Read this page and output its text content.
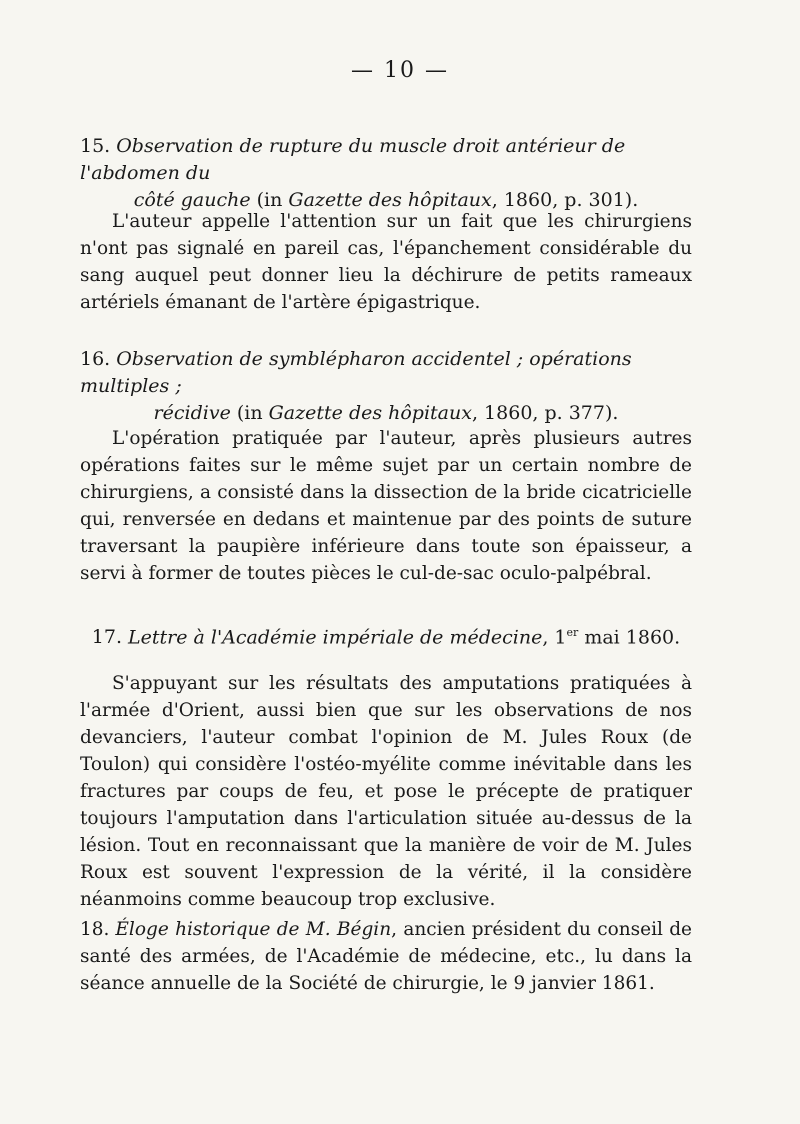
— 10 —
15. Observation de rupture du muscle droit antérieur de l'abdomen du
côté gauche (in Gazette des hôpitaux, 1860, p. 301).
L'auteur appelle l'attention sur un fait que les chirurgiens n'ont pas signalé en pareil cas, l'épanchement considérable du sang auquel peut donner lieu la déchirure de petits rameaux artériels émanant de l'artère épigastrique.
16. Observation de symblépharon accidentel ; opérations multiples ;
récidive (in Gazette des hôpitaux, 1860, p. 377).
L'opération pratiquée par l'auteur, après plusieurs autres opérations faites sur le même sujet par un certain nombre de chirurgiens, a consisté dans la dissection de la bride cicatricielle qui, renversée en dedans et maintenue par des points de suture traversant la paupière inférieure dans toute son épaisseur, a servi à former de toutes pièces le cul-de-sac oculo-palpébral.
17. Lettre à l'Académie impériale de médecine, 1er mai 1860.
S'appuyant sur les résultats des amputations pratiquées à l'armée d'Orient, aussi bien que sur les observations de nos devanciers, l'auteur combat l'opinion de M. Jules Roux (de Toulon) qui considère l'ostéo-myélite comme inévitable dans les fractures par coups de feu, et pose le précepte de pratiquer toujours l'amputation dans l'articulation située au-dessus de la lésion. Tout en reconnaissant que la manière de voir de M. Jules Roux est souvent l'expression de la vérité, il la considère néanmoins comme beaucoup trop exclusive.
18. Éloge historique de M. Bégin, ancien président du conseil de santé des armées, de l'Académie de médecine, etc., lu dans la séance annuelle de la Société de chirurgie, le 9 janvier 1861.
